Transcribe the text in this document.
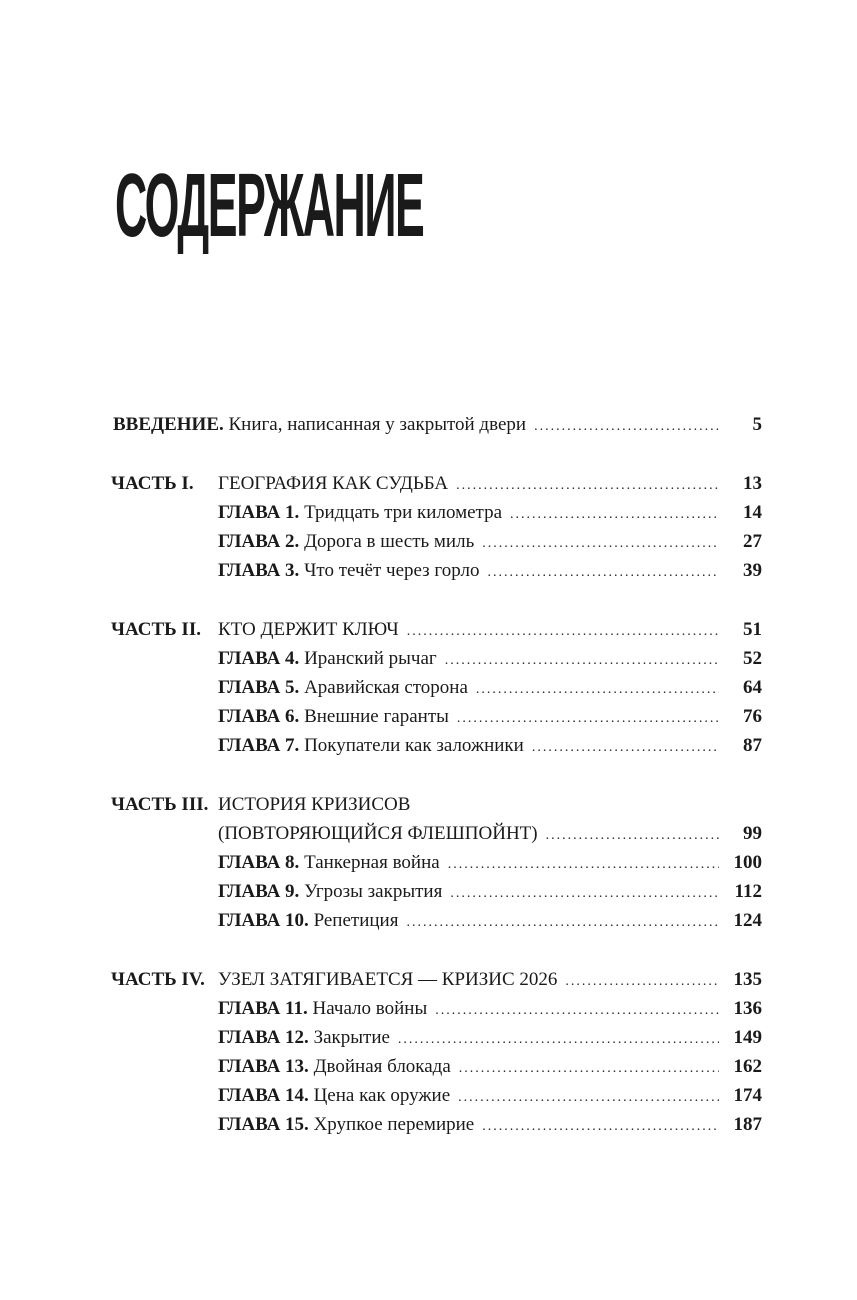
СОДЕРЖАНИЕ
ВВЕДЕНИЕ. Книга, написанная у закрытой двери .....	5
ЧАСТЬ I. ГЕОГРАФИЯ КАК СУДЬБА .....	13
ГЛАВА 1. Тридцать три километра .....	14
ГЛАВА 2. Дорога в шесть миль .....	27
ГЛАВА 3. Что течёт через горло .....	39
ЧАСТЬ II. КТО ДЕРЖИТ КЛЮЧ .....	51
ГЛАВА 4. Иранский рычаг .....	52
ГЛАВА 5. Аравийская сторона .....	64
ГЛАВА 6. Внешние гаранты .....	76
ГЛАВА 7. Покупатели как заложники .....	87
ЧАСТЬ III. ИСТОРИЯ КРИЗИСОВ
(ПОВТОРЯЮЩИЙСЯ ФЛЕШПОЙНТ) .....	99
ГЛАВА 8. Танкерная война .....	100
ГЛАВА 9. Угрозы закрытия .....	112
ГЛАВА 10. Репетиция .....	124
ЧАСТЬ IV. УЗЕЛ ЗАТЯГИВАЕТСЯ — КРИЗИС 2026 .....	135
ГЛАВА 11. Начало войны .....	136
ГЛАВА 12. Закрытие .....	149
ГЛАВА 13. Двойная блокада .....	162
ГЛАВА 14. Цена как оружие .....	174
ГЛАВА 15. Хрупкое перемирие .....	187
